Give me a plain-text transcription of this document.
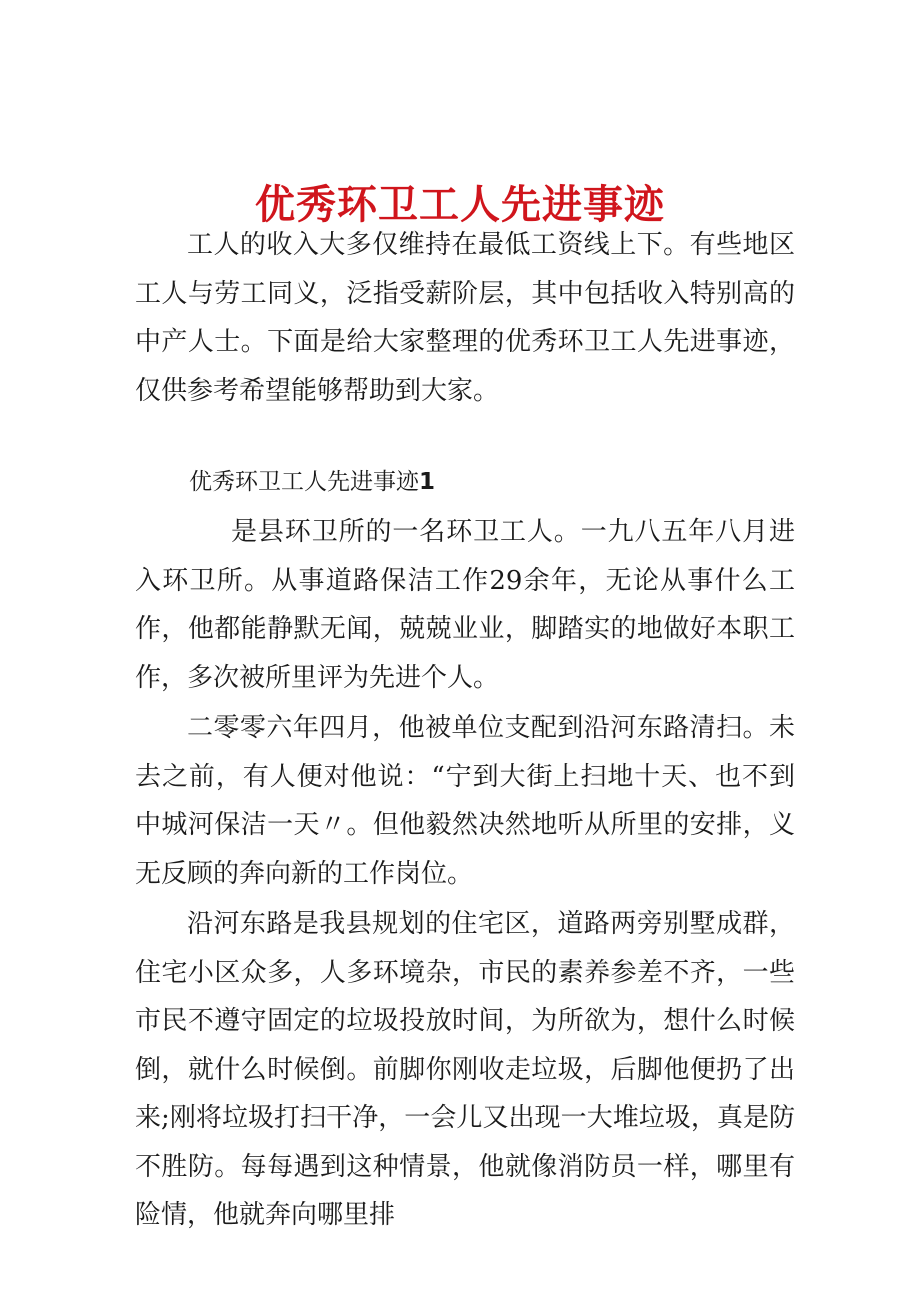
优秀环卫工人先进事迹

工人的收入大多仅维持在最低工资线上下。有些地区工人与劳工同义，泛指受薪阶层，其中包括收入特别高的中产人士。下面是给大家整理的优秀环卫工人先进事迹，仅供参考希望能够帮助到大家。

优秀环卫工人先进事迹1

是县环卫所的一名环卫工人。一九八五年八月进入环卫所。从事道路保洁工作29余年，无论从事什么工作，他都能静默无闻，兢兢业业，脚踏实的地做好本职工作，多次被所里评为先进个人。

二零零六年四月，他被单位支配到沿河东路清扫。未去之前，有人便对他说：“宁到大街上扫地十天、也不到中城河保洁一天〃。但他毅然决然地听从所里的安排，义无反顾的奔向新的工作岗位。

沿河东路是我县规划的住宅区，道路两旁别墅成群，住宅小区众多，人多环境杂，市民的素养参差不齐，一些市民不遵守固定的垃圾投放时间，为所欲为，想什么时候倒，就什么时候倒。前脚你刚收走垃圾，后脚他便扔了出来;刚将垃圾打扫干净，一会儿又出现一大堆垃圾，真是防不胜防。每每遇到这种情景，他就像消防员一样，哪里有险情，他就奔向哪里排
